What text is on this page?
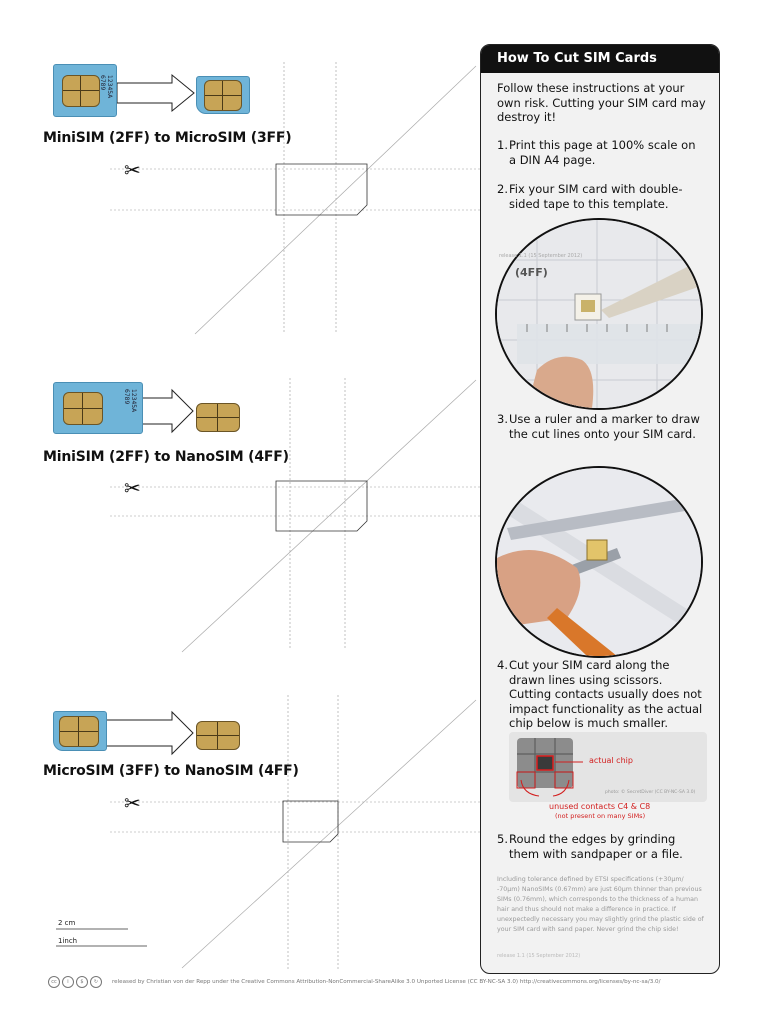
12345A
6789
MiniSIM (2FF) to MicroSIM (3FF)
✂
12345A
6789
MiniSIM (2FF) to NanoSIM (4FF)
✂
MicroSIM (3FF) to NanoSIM (4FF)
✂
2 cm
1inch
How To Cut SIM Cards
Follow these instructions at your own risk. Cutting your SIM card may destroy it!
1.Print this page at 100% scale on a DIN A4 page.
2.Fix your SIM card with double-sided tape to this template.
(4FF)
release 1.1 (15 September 2012)
3.Use a ruler and a marker to draw the cut lines onto your SIM card.
4.Cut your SIM card along the drawn lines using scissors. Cutting contacts usually does not impact functionality as the actual chip below is much smaller.
actual chip
photo: © SecretDiver (CC BY-NC-SA 3.0)
unused contacts C4 & C8
(not present on many SIMs)
5.Round the edges by grinding them with sandpaper or a file.
Including tolerance defined by ETSI specifications (+30µm/ -70µm) NanoSIMs (0.67mm) are just 60µm thinner than previous SIMs (0.76mm), which corresponds to the thickness of a human hair and thus should not make a difference in practice. If unexpectedly necessary you may slightly grind the plastic side of your SIM card with sand paper. Never grind the chip side!
release 1.1 (15 September 2012)
cc	i	$	↻	released by Christian von der Repp under the Creative Commons Attribution-NonCommercial-ShareAlike 3.0 Unported License (CC BY-NC-SA 3.0) http://creativecommons.org/licenses/by-nc-sa/3.0/
